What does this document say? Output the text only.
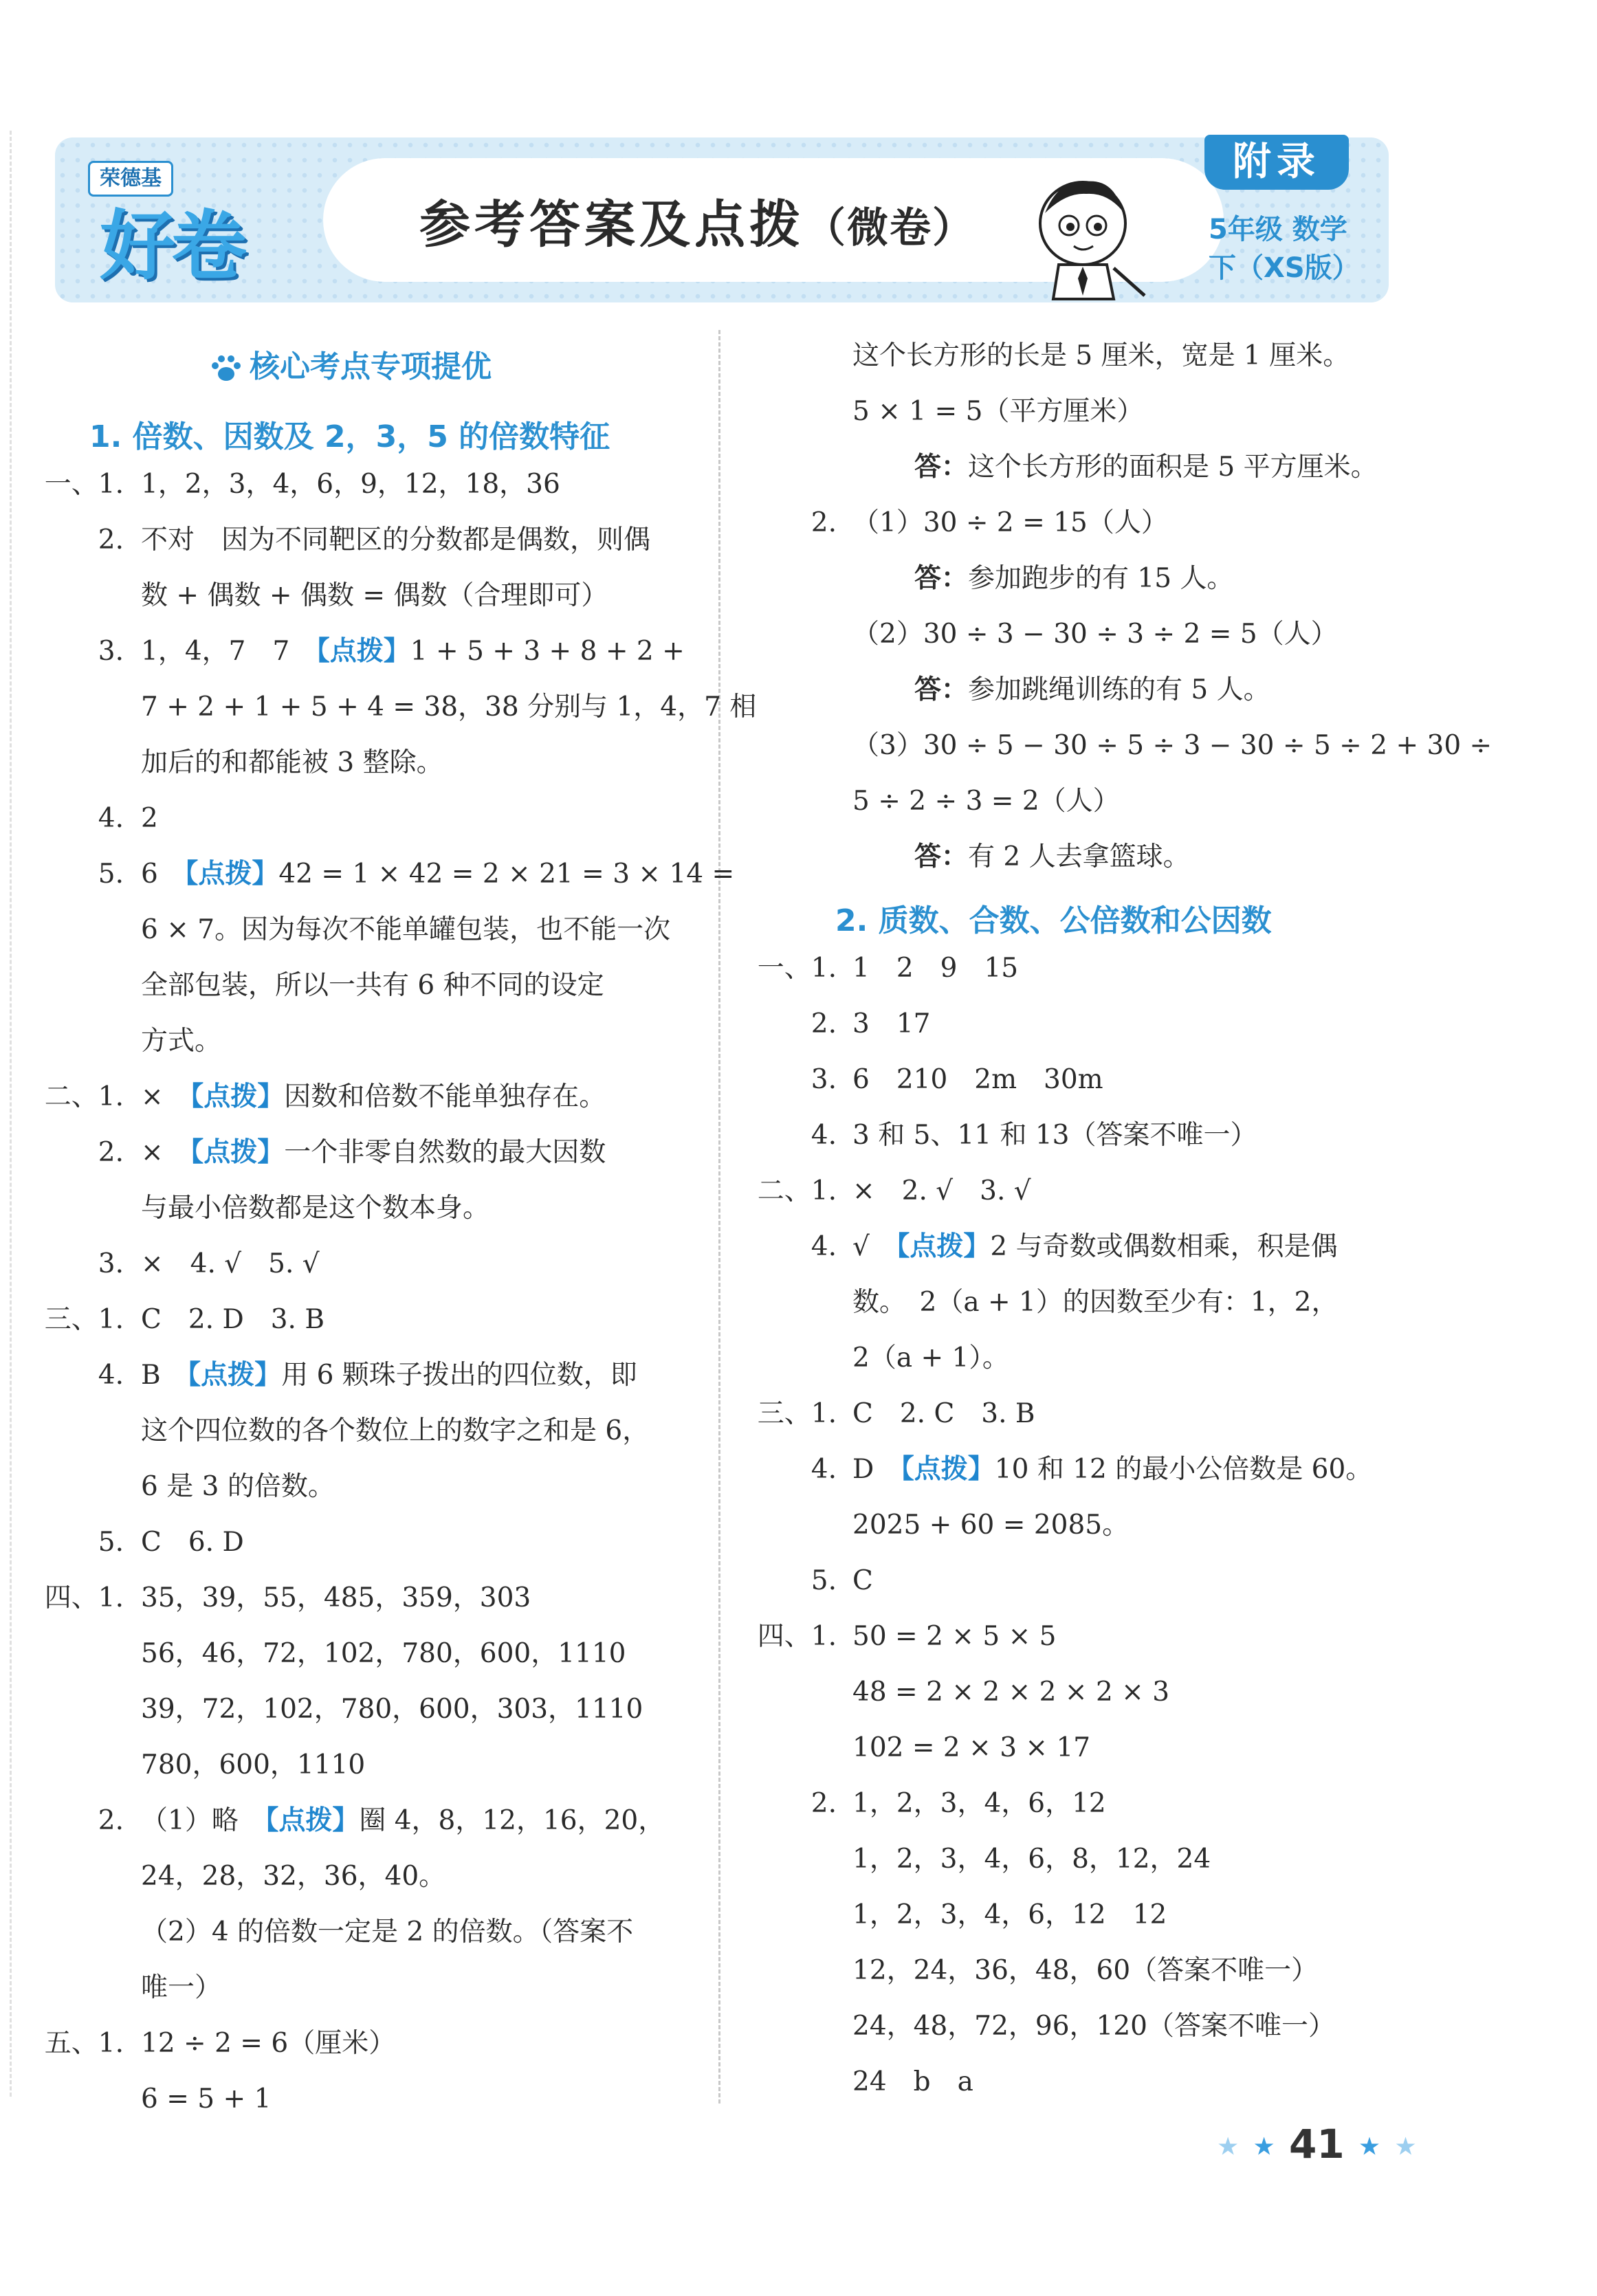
荣德基
好卷	参考答案及点拨（微卷）
附录
5年级 数学
下（XS版）
核心考点专项提优
1. 倍数、因数及 2，3，5 的倍数特征
一、1. 1，2，3，4，6，9，12，18，36
2. 不对　因为不同靶区的分数都是偶数，则偶
数 + 偶数 + 偶数 = 偶数（合理即可）
3. 1，4，7　7　【点拨】1 + 5 + 3 + 8 + 2 +
7 + 2 + 1 + 5 + 4 = 38，38 分别与 1，4，7 相
加后的和都能被 3 整除。
4. 2
5. 6　【点拨】42 = 1 × 42 = 2 × 21 = 3 × 14 =
6 × 7。因为每次不能单罐包装，也不能一次
全部包装，所以一共有 6 种不同的设定
方式。
二、1. ×　【点拨】因数和倍数不能单独存在。
2. ×　【点拨】一个非零自然数的最大因数
与最小倍数都是这个数本身。
3. ×　4. √　5. √
三、1. C　2. D　3. B
4. B　【点拨】用 6 颗珠子拨出的四位数，即
这个四位数的各个数位上的数字之和是 6，
6 是 3 的倍数。
5. C　6. D
四、1. 35，39，55，485，359，303
56，46，72，102，780，600，1110
39，72，102，780，600，303，1110
780，600，1110
2. （1）略　【点拨】圈 4，8，12，16，20，
24，28，32，36，40。
（2）4 的倍数一定是 2 的倍数。（答案不
唯一）
五、1. 12 ÷ 2 = 6（厘米）
6 = 5 + 1
这个长方形的长是 5 厘米，宽是 1 厘米。
5 × 1 = 5（平方厘米）
答：这个长方形的面积是 5 平方厘米。
2. （1）30 ÷ 2 = 15（人）
答：参加跑步的有 15 人。
（2）30 ÷ 3 − 30 ÷ 3 ÷ 2 = 5（人）
答：参加跳绳训练的有 5 人。
（3）30 ÷ 5 − 30 ÷ 5 ÷ 3 − 30 ÷ 5 ÷ 2 + 30 ÷
5 ÷ 2 ÷ 3 = 2（人）
答：有 2 人去拿篮球。
2. 质数、合数、公倍数和公因数
一、1. 1　2　9　15
2. 3　17
3. 6　210　2m　30m
4. 3 和 5、11 和 13（答案不唯一）
二、1. ×　2. √　3. √
4. √　【点拨】2 与奇数或偶数相乘，积是偶
数。　2（a + 1）的因数至少有：1，2，
2（a + 1）。
三、1. C　2. C　3. B
4. D　【点拨】10 和 12 的最小公倍数是 60。
2025 + 60 = 2085。
5. C
四、1. 50 = 2 × 5 × 5
48 = 2 × 2 × 2 × 2 × 3
102 = 2 × 3 × 17
2. 1，2，3，4，6，12
1，2，3，4，6，8，12，24
1，2，3，4，6，12　12
12，24，36，48，60（答案不唯一）
24，48，72，96，120（答案不唯一）
24　b　a
★ ★ 41 ★ ★
